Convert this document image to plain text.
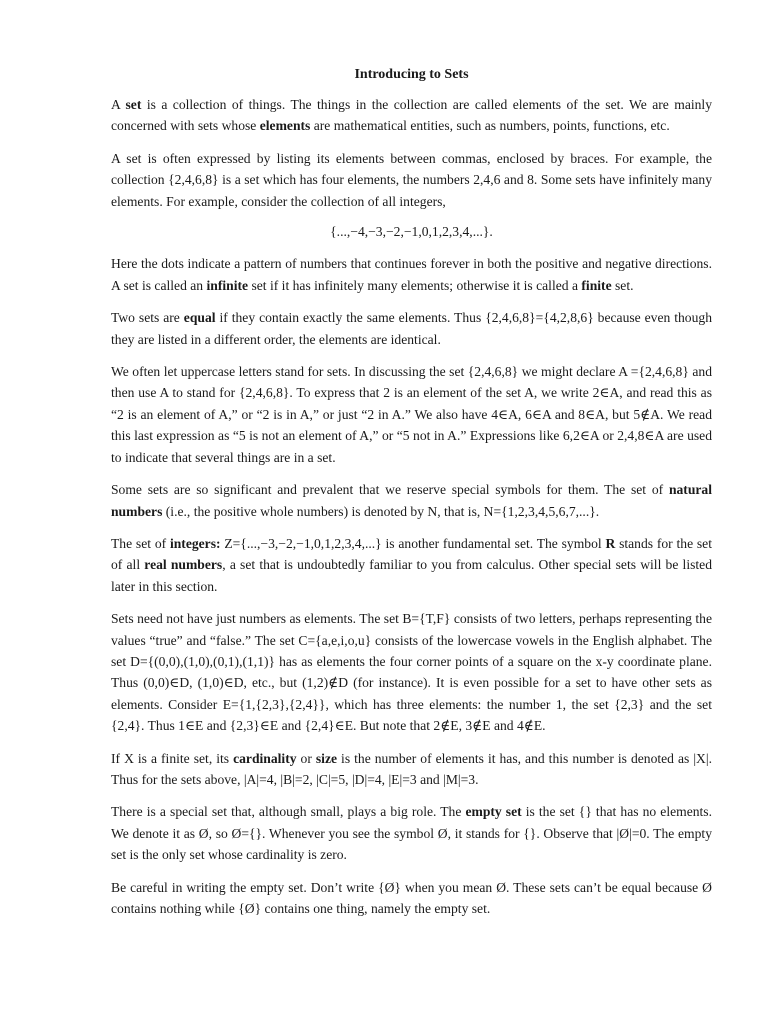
Introducing to Sets

A set is a collection of things. The things in the collection are called elements of the set. We are mainly concerned with sets whose elements are mathematical entities, such as numbers, points, functions, etc.

A set is often expressed by listing its elements between commas, enclosed by braces. For example, the collection {2,4,6,8} is a set which has four elements, the numbers 2,4,6 and 8. Some sets have infinitely many elements. For example, consider the collection of all integers,

{...,−4,−3,−2,−1,0,1,2,3,4,...}.

Here the dots indicate a pattern of numbers that continues forever in both the positive and negative directions. A set is called an infinite set if it has infinitely many elements; otherwise it is called a finite set.

Two sets are equal if they contain exactly the same elements. Thus {2,4,6,8}={4,2,8,6} because even though they are listed in a different order, the elements are identical.

We often let uppercase letters stand for sets. In discussing the set {2,4,6,8} we might declare A ={2,4,6,8} and then use A to stand for {2,4,6,8}. To express that 2 is an element of the set A, we write 2∈A, and read this as “2 is an element of A,” or “2 is in A,” or just “2 in A.” We also have 4∈A, 6∈A and 8∈A, but 5∉A. We read this last expression as “5 is not an element of A,” or “5 not in A.” Expressions like 6,2∈A or 2,4,8∈A are used to indicate that several things are in a set.

Some sets are so significant and prevalent that we reserve special symbols for them. The set of natural numbers (i.e., the positive whole numbers) is denoted by N, that is, N={1,2,3,4,5,6,7,...}.

The set of integers: Z={...,−3,−2,−1,0,1,2,3,4,...} is another fundamental set. The symbol R stands for the set of all real numbers, a set that is undoubtedly familiar to you from calculus. Other special sets will be listed later in this section.

Sets need not have just numbers as elements. The set B={T,F} consists of two letters, perhaps representing the values “true” and “false.” The set C={a,e,i,o,u} consists of the lowercase vowels in the English alphabet. The set D={(0,0),(1,0),(0,1),(1,1)} has as elements the four corner points of a square on the x-y coordinate plane. Thus (0,0)∈D, (1,0)∈D, etc., but (1,2)∉D (for instance). It is even possible for a set to have other sets as elements. Consider E={1,{2,3},{2,4}}, which has three elements: the number 1, the set {2,3} and the set {2,4}. Thus 1∈E and {2,3}∈E and {2,4}∈E. But note that 2∉E, 3∉E and 4∉E.

If X is a finite set, its cardinality or size is the number of elements it has, and this number is denoted as |X|. Thus for the sets above, |A|=4, |B|=2, |C|=5, |D|=4, |E|=3 and |M|=3.

There is a special set that, although small, plays a big role. The empty set is the set {} that has no elements. We denote it as Ø, so Ø={}. Whenever you see the symbol Ø, it stands for {}. Observe that |Ø|=0. The empty set is the only set whose cardinality is zero.

Be careful in writing the empty set. Don’t write {Ø} when you mean Ø. These sets can’t be equal because Ø contains nothing while {Ø} contains one thing, namely the empty set.
